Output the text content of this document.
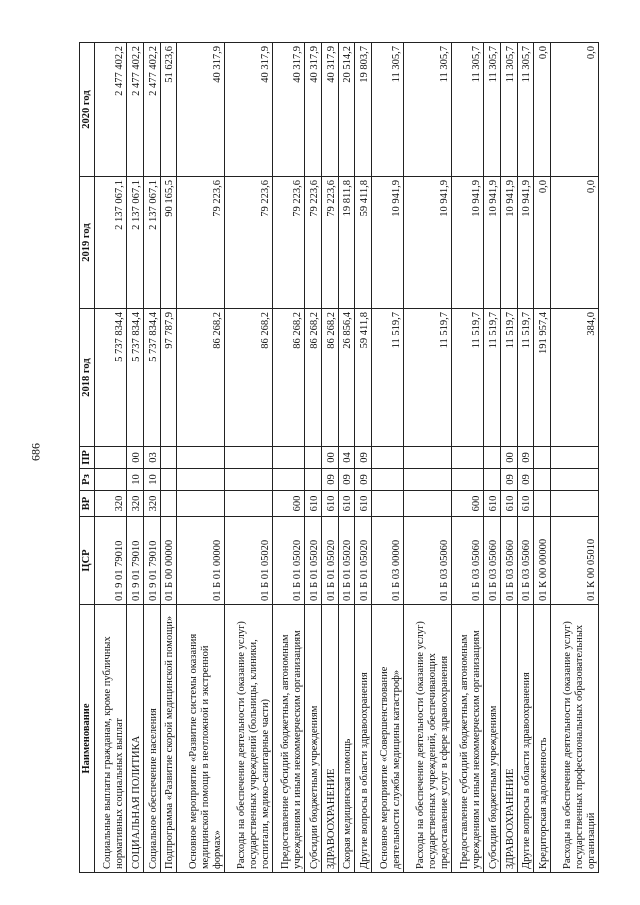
686
Наименование	ЦСР	ВР	Рз	ПР	2018 год	2019 год	2020 год
Социальные выплаты гражданам, кроме публичных нормативных социальных выплат	01 9 01 79010	320			5 737 834,4	2 137 067,1	2 477 402,2
СОЦИАЛЬНАЯ ПОЛИТИКА	01 9 01 79010	320	10	00	5 737 834,4	2 137 067,1	2 477 402,2
Социальное обеспечение населения	01 9 01 79010	320	10	03	5 737 834,4	2 137 067,1	2 477 402,2
Подпрограмма «Развитие скорой медицинской помощи»	01 Б 00 00000				97 787,9	90 165,5	51 623,6
Основное мероприятие «Развитие системы оказания медицинской помощи в неотложной и экстренной формах»	01 Б 01 00000				86 268,2	79 223,6	40 317,9
Расходы на обеспечение деятельности (оказание услуг) государственных учреждений (больницы, клиники, госпитали, медико-санитарные части)	01 Б 01 05020				86 268,2	79 223,6	40 317,9
Предоставление субсидий бюджетным, автономным учреждениям и иным некоммерческим организациям	01 Б 01 05020	600			86 268,2	79 223,6	40 317,9
Субсидии бюджетным учреждениям	01 Б 01 05020	610			86 268,2	79 223,6	40 317,9
ЗДРАВООХРАНЕНИЕ	01 Б 01 05020	610	09	00	86 268,2	79 223,6	40 317,9
Скорая медицинская помощь	01 Б 01 05020	610	09	04	26 856,4	19 811,8	20 514,2
Другие вопросы в области здравоохранения	01 Б 01 05020	610	09	09	59 411,8	59 411,8	19 803,7
Основное мероприятие «Совершенствование деятельности службы медицины катастроф»	01 Б 03 00000				11 519,7	10 941,9	11 305,7
Расходы на обеспечение деятельности (оказание услуг) государственных учреждений, обеспечивающих предоставление услуг в сфере здравоохранения	01 Б 03 05060				11 519,7	10 941,9	11 305,7
Предоставление субсидий бюджетным, автономным учреждениям и иным некоммерческим организациям	01 Б 03 05060	600			11 519,7	10 941,9	11 305,7
Субсидии бюджетным учреждениям	01 Б 03 05060	610			11 519,7	10 941,9	11 305,7
ЗДРАВООХРАНЕНИЕ	01 Б 03 05060	610	09	00	11 519,7	10 941,9	11 305,7
Другие вопросы в области здравоохранения	01 Б 03 05060	610	09	09	11 519,7	10 941,9	11 305,7
Кредиторская задолженность	01 К 00 00000				191 957,4	0,0	0,0
Расходы на обеспечение деятельности (оказание услуг) государственных профессиональных образовательных организаций	01 К 00 05010				384,0	0,0	0,0
